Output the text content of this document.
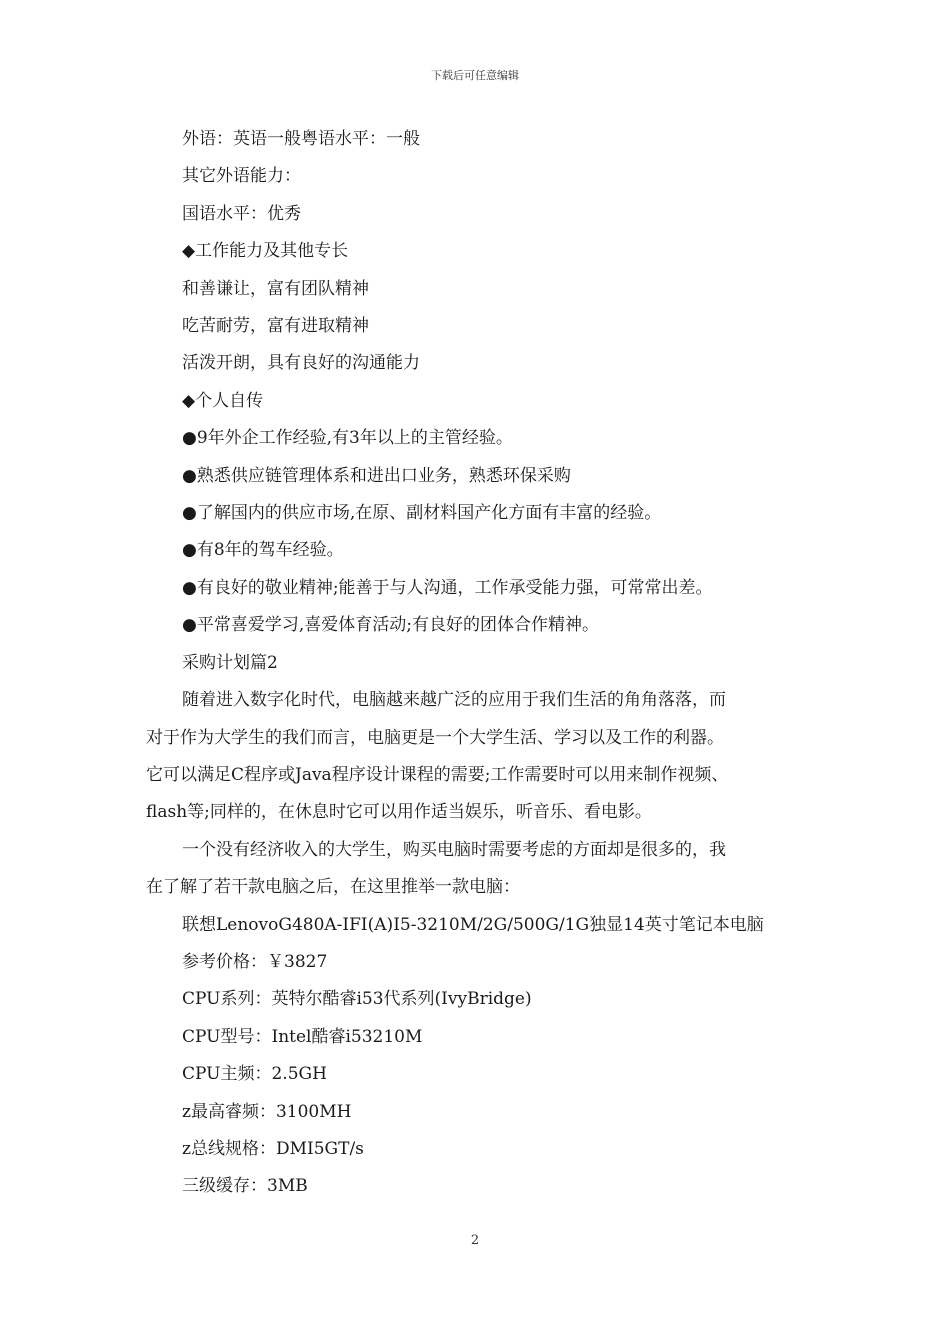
下载后可任意编辑
外语：英语一般粤语水平：一般
其它外语能力：
国语水平：优秀
◆工作能力及其他专长
和善谦让，富有团队精神
吃苦耐劳，富有进取精神
活泼开朗，具有良好的沟通能力
◆个人自传
●9年外企工作经验,有3年以上的主管经验。
●熟悉供应链管理体系和进出口业务，熟悉环保采购
●了解国内的供应市场,在原、副材料国产化方面有丰富的经验。
●有8年的驾车经验。
●有良好的敬业精神;能善于与人沟通，工作承受能力强，可常常出差。
●平常喜爱学习,喜爱体育活动;有良好的团体合作精神。
采购计划篇2
随着进入数字化时代，电脑越来越广泛的应用于我们生活的角角落落，而
对于作为大学生的我们而言，电脑更是一个大学生活、学习以及工作的利器。
它可以满足C程序或Java程序设计课程的需要;工作需要时可以用来制作视频、
flash等;同样的，在休息时它可以用作适当娱乐，听音乐、看电影。
一个没有经济收入的大学生，购买电脑时需要考虑的方面却是很多的，我
在了解了若干款电脑之后，在这里推举一款电脑：
联想LenovoG480A-IFI(A)I5-3210M/2G/500G/1G独显14英寸笔记本电脑
参考价格：￥3827
CPU系列：英特尔酷睿i53代系列(IvyBridge)
CPU型号：Intel酷睿i53210M
CPU主频：2.5GH
z最高睿频：3100MH
z总线规格：DMI5GT/s
三级缓存：3MB
2
